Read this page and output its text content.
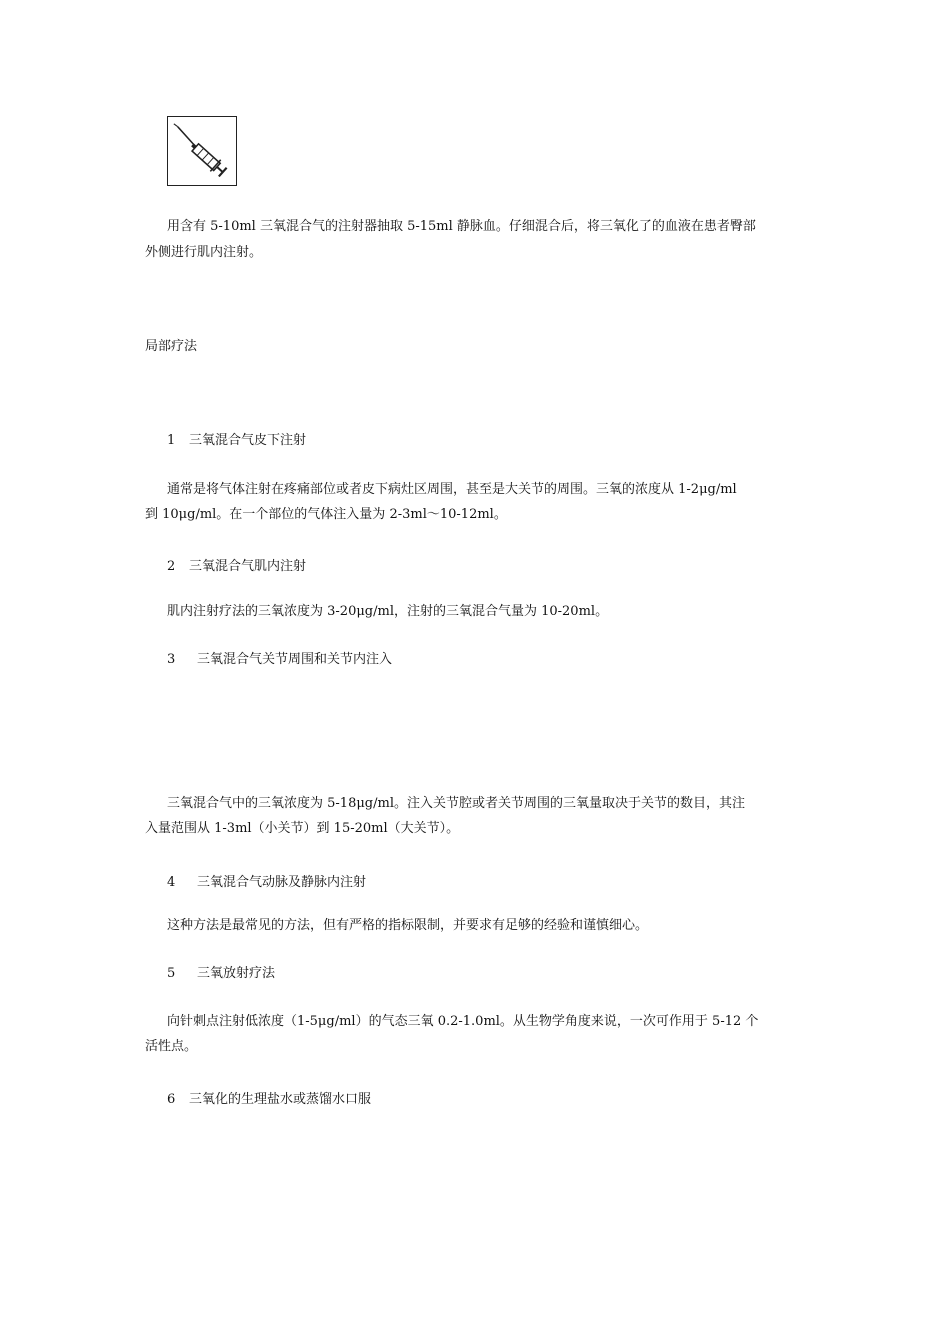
用含有 5-10ml 三氧混合气的注射器抽取 5-15ml 静脉血。仔细混合后，将三氧化了的血液在患者臀部
外侧进行肌内注射。
局部疗法
1 三氧混合气皮下注射
通常是将气体注射在疼痛部位或者皮下病灶区周围，甚至是大关节的周围。三氧的浓度从 1-2μg/ml
到 10μg/ml。在一个部位的气体注入量为 2-3ml～10-12ml。
2 三氧混合气肌内注射
肌内注射疗法的三氧浓度为 3-20μg/ml，注射的三氧混合气量为 10-20ml。
3 三氧混合气关节周围和关节内注入
三氧混合气中的三氧浓度为 5-18μg/ml。注入关节腔或者关节周围的三氧量取决于关节的数目，其注
入量范围从 1-3ml（小关节）到 15-20ml（大关节）。
4 三氧混合气动脉及静脉内注射
这种方法是最常见的方法，但有严格的指标限制，并要求有足够的经验和谨慎细心。
5 三氧放射疗法
向针刺点注射低浓度（1-5μg/ml）的气态三氧 0.2-1.0ml。从生物学角度来说，一次可作用于 5-12 个
活性点。
6 三氧化的生理盐水或蒸馏水口服
